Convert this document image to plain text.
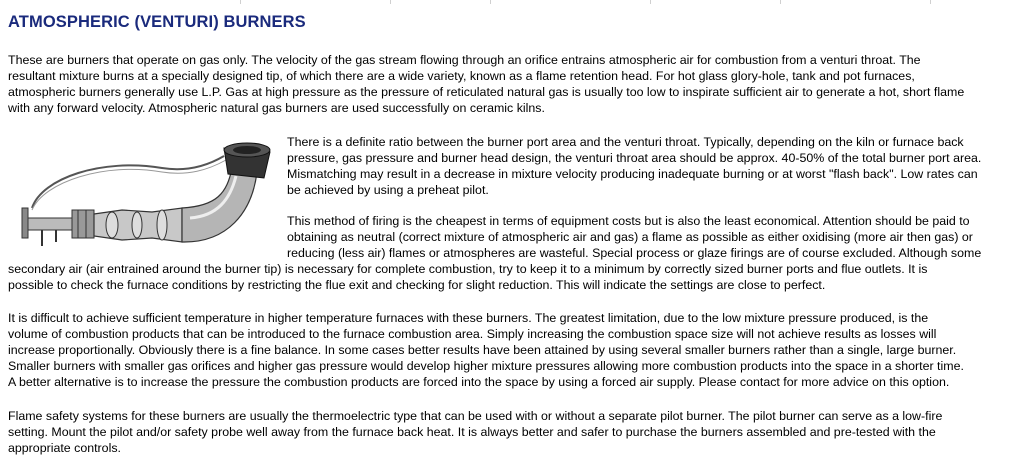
ATMOSPHERIC (VENTURI) BURNERS

These are burners that operate on gas only. The velocity of the gas stream flowing through an orifice entrains atmospheric air for combustion from a venturi throat. The

resultant mixture burns at a specially designed tip, of which there are a wide variety, known as a flame retention head. For hot glass glory-hole, tank and pot furnaces,

atmospheric burners generally use L.P. Gas at high pressure as the pressure of reticulated natural gas is usually too low to inspirate sufficient air to generate a hot, short flame

with any forward velocity. Atmospheric natural gas burners are used successfully on ceramic kilns.

There is a definite ratio between the burner port area and the venturi throat. Typically, depending on the kiln or furnace back

pressure, gas pressure and burner head design, the venturi throat area should be approx. 40-50% of the total burner port area.

Mismatching may result in a decrease in mixture velocity producing inadequate burning or at worst "flash back". Low rates can

be achieved by using a preheat pilot.

This method of firing is the cheapest in terms of equipment costs but is also the least economical. Attention should be paid to

obtaining as neutral (correct mixture of atmospheric air and gas) a flame as possible as either oxidising (more air then gas) or

reducing (less air) flames or atmospheres are wasteful. Special process or glaze firings are of course excluded. Although some

secondary air (air entrained around the burner tip) is necessary for complete combustion, try to keep it to a minimum by correctly sized burner ports and flue outlets. It is

possible to check the furnace conditions by restricting the flue exit and checking for slight reduction. This will indicate the settings are close to perfect.

It is difficult to achieve sufficient temperature in higher temperature furnaces with these burners. The greatest limitation, due to the low mixture pressure produced, is the

volume of combustion products that can be introduced to the furnace combustion area. Simply increasing the combustion space size will not achieve results as losses will

increase proportionally. Obviously there is a fine balance. In some cases better results have been attained by using several smaller burners rather than a single, large burner.

Smaller burners with smaller gas orifices and higher gas pressure would develop higher mixture pressures allowing more combustion products into the space in a shorter time.

A better alternative is to increase the pressure the combustion products are forced into the space by using a forced air supply. Please contact for more advice on this option.

Flame safety systems for these burners are usually the thermoelectric type that can be used with or without a separate pilot burner. The pilot burner can serve as a low-fire

setting. Mount the pilot and/or safety probe well away from the furnace back heat. It is always better and safer to purchase the burners assembled and pre-tested with the

appropriate controls.
